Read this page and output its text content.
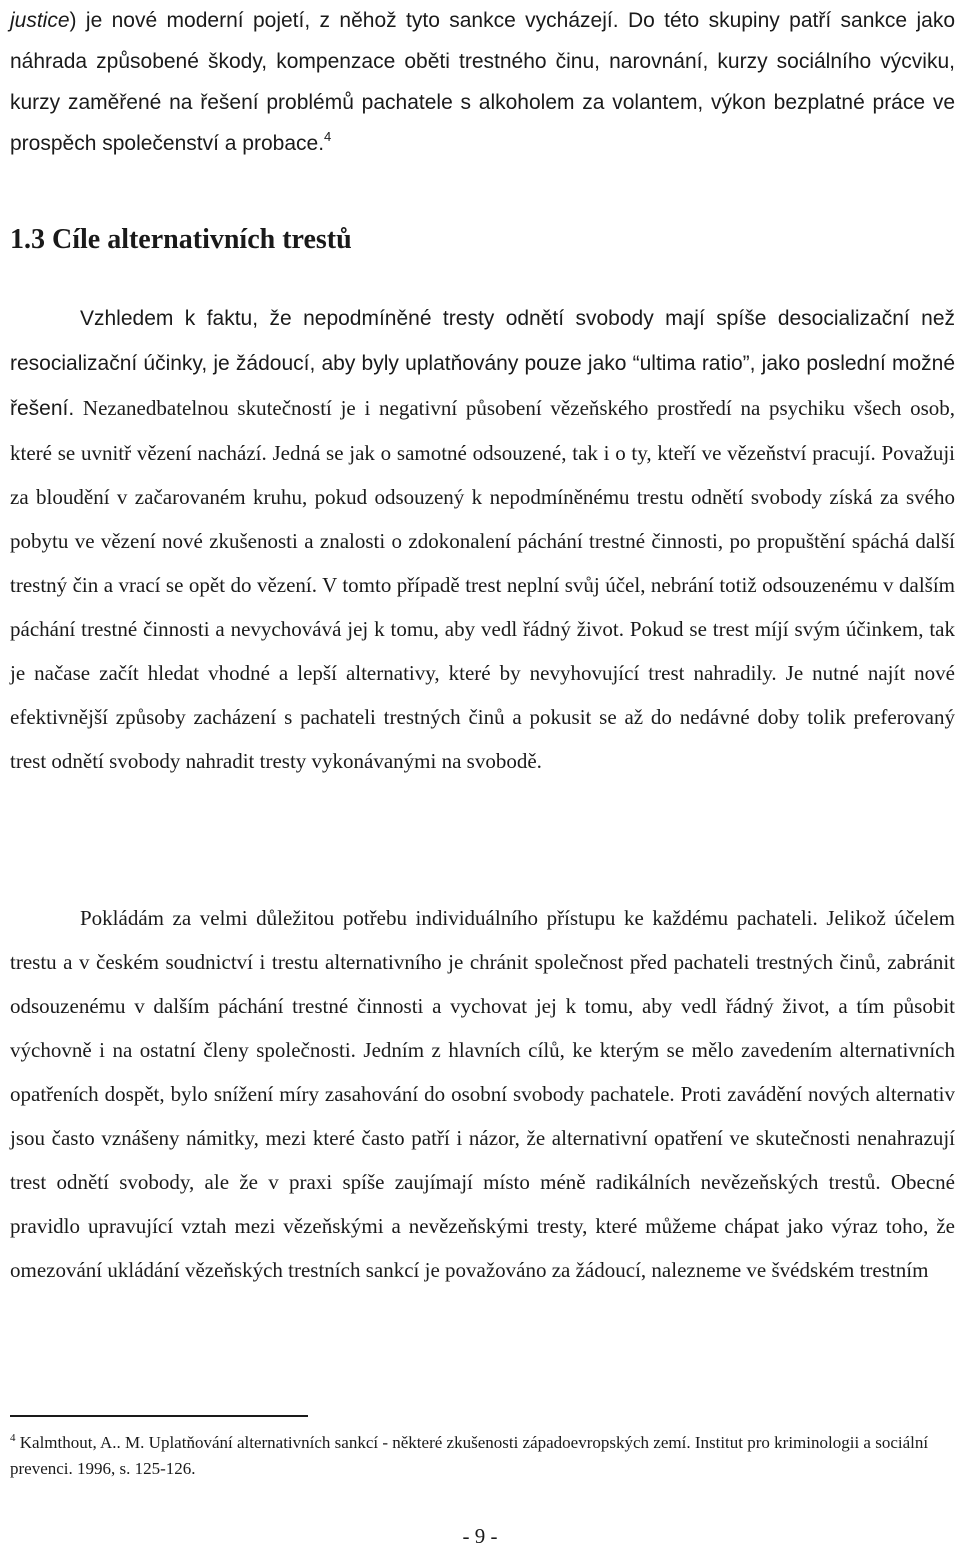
justice) je nové moderní pojetí, z něhož tyto sankce vycházejí. Do této skupiny patří sankce jako náhrada způsobené škody, kompenzace oběti trestného činu, narovnání, kurzy sociálního výcviku, kurzy zaměřené na řešení problémů pachatele s alkoholem za volantem, výkon bezplatné práce ve prospěch společenství a probace.$^4$
1.3 Cíle alternativních trestů

Vzhledem k faktu, že nepodmíněné tresty odnětí svobody mají spíše desocializační než resocializační účinky, je žádoucí, aby byly uplatňovány pouze jako “ultima ratio”, jako poslední možné řešení. Nezanedbatelnou skutečností je i negativní působení vězeňského prostředí na psychiku všech osob, které se uvnitř vězení nachází. Jedná se jak o samotné odsouzené, tak i o ty, kteří ve vězeňství pracují. Považuji za bloudění v začarovaném kruhu, pokud odsouzený k nepodmíněnému trestu odnětí svobody získá za svého pobytu ve vězení nové zkušenosti a znalosti o zdokonalení páchání trestné činnosti, po propuštění spáchá další trestný čin a vrací se opět do vězení. V tomto případě trest neplní svůj účel, nebrání totiž odsouzenému v dalším páchání trestné činnosti a nevychovává jej k tomu, aby vedl řádný život. Pokud se trest míjí svým účinkem, tak je načase začít hledat vhodné a lepší alternativy, které by nevyhovující trest nahradily. Je nutné najít nové efektivnější způsoby zacházení s pachateli trestných činů a pokusit se až do nedávné doby tolik preferovaný trest odnětí svobody nahradit tresty vykonávanými na svobodě.

Pokládám za velmi důležitou potřebu individuálního přístupu ke každému pachateli. Jelikož účelem trestu a v českém soudnictví i trestu alternativního je chránit společnost před pachateli trestných činů, zabránit odsouzenému v dalším páchání trestné činnosti a vychovat jej k tomu, aby vedl řádný život, a tím působit výchovně i na ostatní členy společnosti. Jedním z hlavních cílů, ke kterým se mělo zavedením alternativních opatřeních dospět, bylo snížení míry zasahování do osobní svobody pachatele. Proti zavádění nových alternativ jsou často vznášeny námitky, mezi které často patří i názor, že alternativní opatření ve skutečnosti nenahrazují trest odnětí svobody, ale že v praxi spíše zaujímají místo méně radikálních nevězeňských trestů. Obecné pravidlo upravující vztah mezi vězeňskými a nevězeňskými tresty, které můžeme chápat jako výraz toho, že omezování ukládání vězeňských trestních sankcí je považováno za žádoucí, nalezneme ve švédském trestním

$^4$ Kalmthout, A.. M. Uplatňování alternativních sankcí - některé zkušenosti západoevropských zemí. Institut pro kriminologii a sociální prevenci. 1996, s. 125-126.

- 9 -
